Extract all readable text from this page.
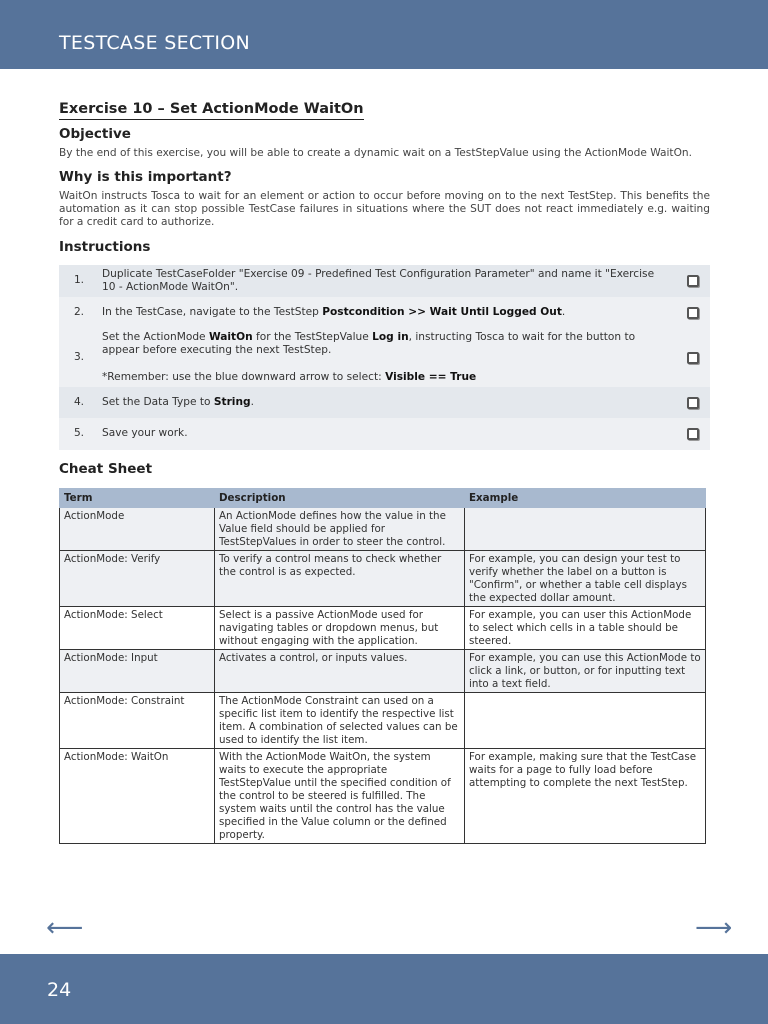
TESTCASE SECTION
Exercise 10 – Set ActionMode WaitOn
Objective

By the end of this exercise, you will be able to create a dynamic wait on a TestStepValue using the ActionMode WaitOn.

Why is this important?

WaitOn instructs Tosca to wait for an element or action to occur before moving on to the next TestStep. This benefits the automation as it can stop possible TestCase failures in situations where the SUT does not react immediately e.g. waiting for a credit card to authorize.

Instructions
1.
Duplicate TestCaseFolder "Exercise 09 - Predefined Test Configuration Parameter" and name it "Exercise 10 - ActionMode WaitOn".
2.	In the TestCase, navigate to the TestStep Postcondition >> Wait Until Logged Out.
3.
Set the ActionMode WaitOn for the TestStepValue Log in, instructing Tosca to wait for the button to appear before executing the next TestStep.
*Remember: use the blue downward arrow to select: Visible == True
4.	Set the Data Type to String.
5.	Save your work.
Cheat Sheet
Term	Description	Example
ActionMode	An ActionMode defines how the value in the Value field should be applied for TestStepValues in order to steer the control.	
ActionMode: Verify	To verify a control means to check whether the control is as expected.	For example, you can design your test to verify whether the label on a button is "Confirm", or whether a table cell displays the expected dollar amount.
ActionMode: Select	Select is a passive ActionMode used for navigating tables or dropdown menus, but without engaging with the application.	For example, you can user this ActionMode to select which cells in a table should be steered.
ActionMode: Input	Activates a control, or inputs values.	For example, you can use this ActionMode to click a link, or button, or for inputting text into a text field.
ActionMode: Constraint	The ActionMode Constraint can used on a specific list item to identify the respective list item. A combination of selected values can be used to identify the list item.	
ActionMode: WaitOn	With the ActionMode WaitOn, the system waits to execute the appropriate TestStepValue until the specified condition of the control to be steered is fulfilled. The system waits until the control has the value specified in the Value column or the defined property.	For example, making sure that the TestCase waits for a page to fully load before attempting to complete the next TestStep.
⟵	⟶
24
